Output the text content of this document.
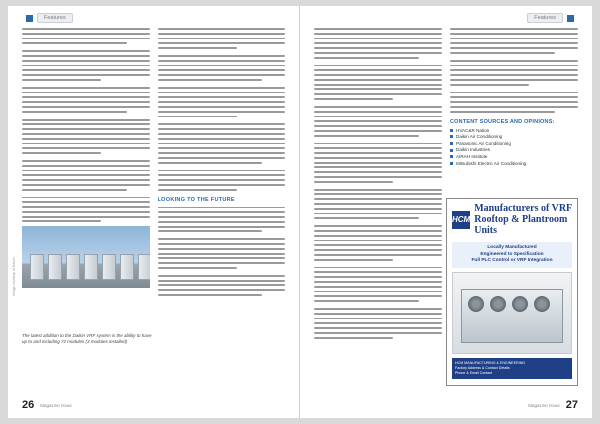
Features
Image courtesy of Daikin
LOOKING TO THE FUTURE
The latest addition to the Daikin VRF system is the ability to have up to and including 72 modules (3 modules installed)
26 Magazine Issue
Features
CONTENT SOURCES AND OPINIONS:
HVAC&R Nation
Daikin Air Conditioning
Panasonic Air Conditioning
Daikin Industries
AIRAH Institute
Mitsubishi Electric Air Conditioning
HCM
Manufacturers of VRF Rooftop & Plantroom Units
Locally Manufactured
Engineered to Specification
Full PLC Control or VRF Integration
HCM MANUFACTURING & ENGINEERING
Factory Address & Contact Details
Phone & Email Contact
Magazine Issue 27
